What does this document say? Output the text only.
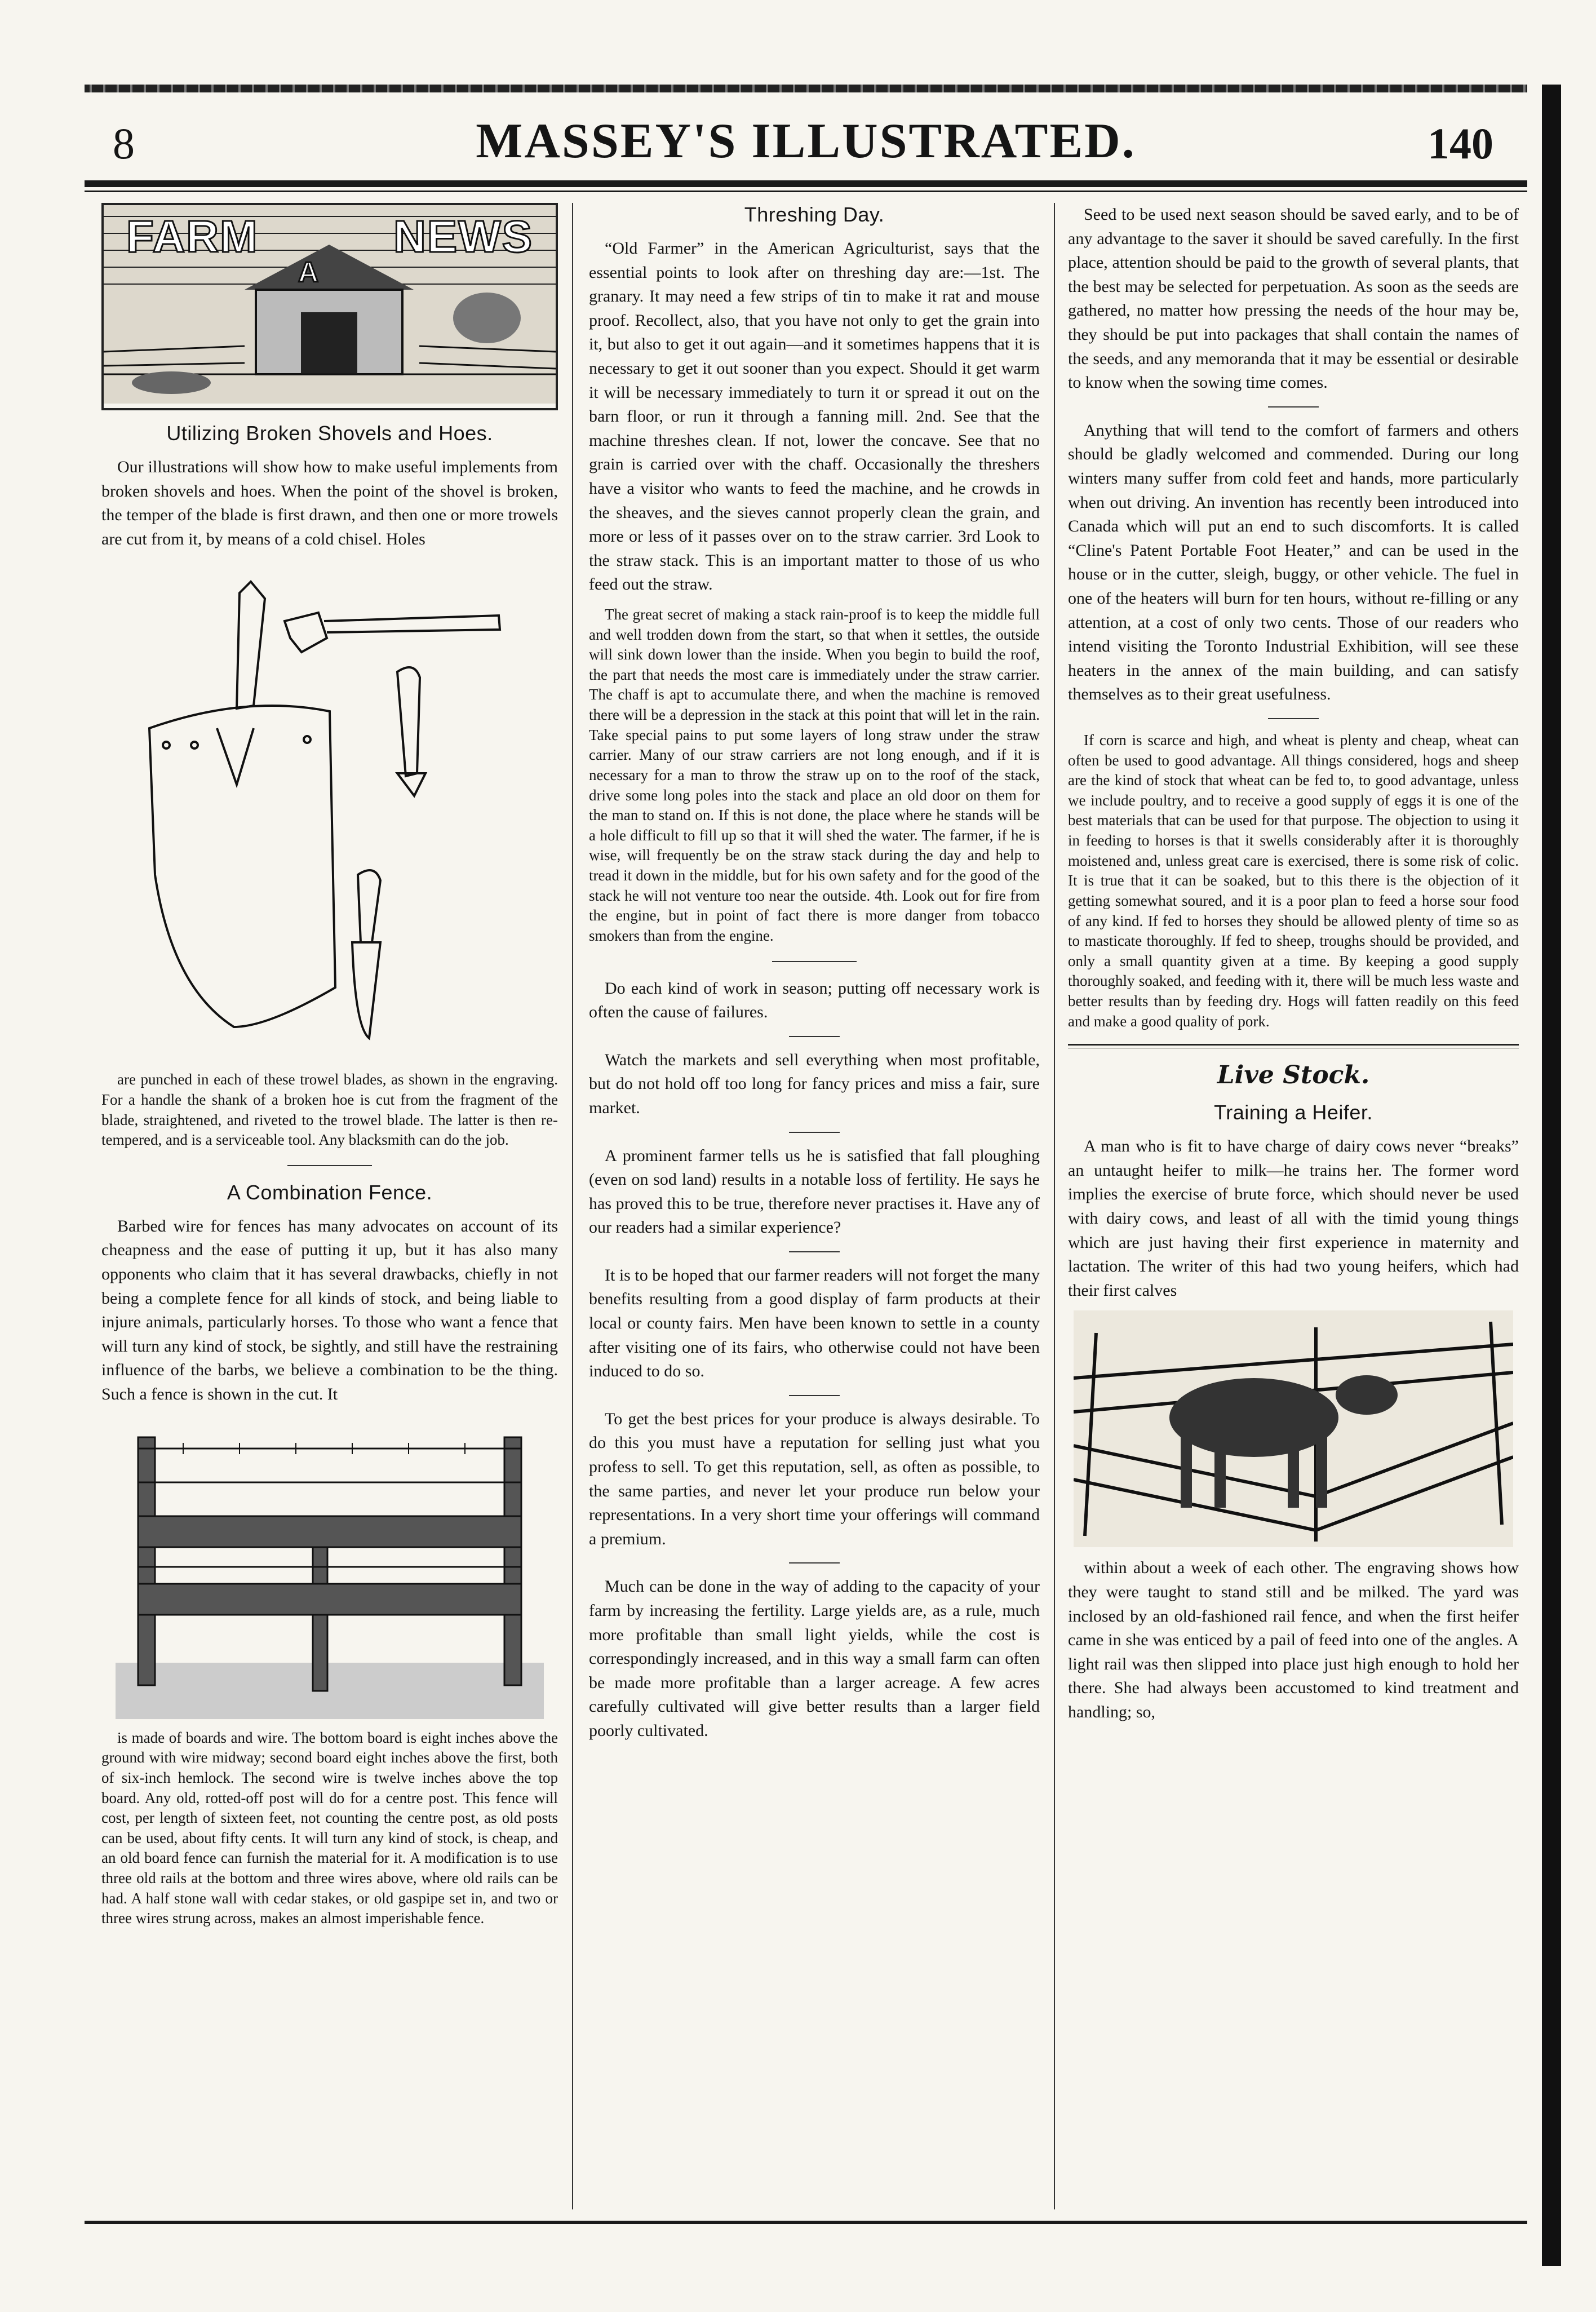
8	MASSEY'S ILLUSTRATED.	140
FARM
A
NEWS
Utilizing Broken Shovels and Hoes.

Our illustrations will show how to make useful implements from broken shovels and hoes. When the point of the shovel is broken, the temper of the blade is first drawn, and then one or more trowels are cut from it, by means of a cold chisel. Holes

are punched in each of these trowel blades, as shown in the engraving. For a handle the shank of a broken hoe is cut from the fragment of the blade, straightened, and riveted to the trowel blade. The latter is then re-tempered, and is a serviceable tool. Any blacksmith can do the job.

A Combination Fence.

Barbed wire for fences has many advocates on account of its cheapness and the ease of putting it up, but it has also many opponents who claim that it has several drawbacks, chiefly in not being a complete fence for all kinds of stock, and being liable to injure animals, particularly horses. To those who want a fence that will turn any kind of stock, be sightly, and still have the restraining influence of the barbs, we believe a combination to be the thing. Such a fence is shown in the cut. It

is made of boards and wire. The bottom board is eight inches above the ground with wire midway; second board eight inches above the first, both of six-inch hemlock. The second wire is twelve inches above the top board. Any old, rotted-off post will do for a centre post. This fence will cost, per length of sixteen feet, not counting the centre post, as old posts can be used, about fifty cents. It will turn any kind of stock, is cheap, and an old board fence can furnish the material for it. A modification is to use three old rails at the bottom and three wires above, where old rails can be had. A half stone wall with cedar stakes, or old gaspipe set in, and two or three wires strung across, makes an almost imperishable fence.

Threshing Day.

“Old Farmer” in the American Agriculturist, says that the essential points to look after on threshing day are:—1st. The granary. It may need a few strips of tin to make it rat and mouse proof. Recollect, also, that you have not only to get the grain into it, but also to get it out again—and it sometimes happens that it is necessary to get it out sooner than you expect. Should it get warm it will be necessary immediately to turn it or spread it out on the barn floor, or run it through a fanning mill. 2nd. See that the machine threshes clean. If not, lower the concave. See that no grain is carried over with the chaff. Occasionally the threshers have a visitor who wants to feed the machine, and he crowds in the sheaves, and the sieves cannot properly clean the grain, and more or less of it passes over on to the straw carrier. 3rd Look to the straw stack. This is an important matter to those of us who feed out the straw.

The great secret of making a stack rain-proof is to keep the middle full and well trodden down from the start, so that when it settles, the outside will sink down lower than the inside. When you begin to build the roof, the part that needs the most care is immediately under the straw carrier. The chaff is apt to accumulate there, and when the machine is removed there will be a depression in the stack at this point that will let in the rain. Take special pains to put some layers of long straw under the straw carrier. Many of our straw carriers are not long enough, and if it is necessary for a man to throw the straw up on to the roof of the stack, drive some long poles into the stack and place an old door on them for the man to stand on. If this is not done, the place where he stands will be a hole difficult to fill up so that it will shed the water. The farmer, if he is wise, will frequently be on the straw stack during the day and help to tread it down in the middle, but for his own safety and for the good of the stack he will not venture too near the outside. 4th. Look out for fire from the engine, but in point of fact there is more danger from tobacco smokers than from the engine.

Do each kind of work in season; putting off necessary work is often the cause of failures.

Watch the markets and sell everything when most profitable, but do not hold off too long for fancy prices and miss a fair, sure market.

A prominent farmer tells us he is satisfied that fall ploughing (even on sod land) results in a notable loss of fertility. He says he has proved this to be true, therefore never practises it. Have any of our readers had a similar experience?

It is to be hoped that our farmer readers will not forget the many benefits resulting from a good display of farm products at their local or county fairs. Men have been known to settle in a county after visiting one of its fairs, who otherwise could not have been induced to do so.

To get the best prices for your produce is always desirable. To do this you must have a reputation for selling just what you profess to sell. To get this reputation, sell, as often as possible, to the same parties, and never let your produce run below your representations. In a very short time your offerings will command a premium.

Much can be done in the way of adding to the capacity of your farm by increasing the fertility. Large yields are, as a rule, much more profitable than small light yields, while the cost is correspondingly increased, and in this way a small farm can often be made more profitable than a larger acreage. A few acres carefully cultivated will give better results than a larger field poorly cultivated.

Seed to be used next season should be saved early, and to be of any advantage to the saver it should be saved carefully. In the first place, attention should be paid to the growth of several plants, that the best may be selected for perpetuation. As soon as the seeds are gathered, no matter how pressing the needs of the hour may be, they should be put into packages that shall contain the names of the seeds, and any memoranda that it may be essential or desirable to know when the sowing time comes.

Anything that will tend to the comfort of farmers and others should be gladly welcomed and commended. During our long winters many suffer from cold feet and hands, more particularly when out driving. An invention has recently been introduced into Canada which will put an end to such discomforts. It is called “Cline's Patent Portable Foot Heater,” and can be used in the house or in the cutter, sleigh, buggy, or other vehicle. The fuel in one of the heaters will burn for ten hours, without re-filling or any attention, at a cost of only two cents. Those of our readers who intend visiting the Toronto Industrial Exhibition, will see these heaters in the annex of the main building, and can satisfy themselves as to their great usefulness.

If corn is scarce and high, and wheat is plenty and cheap, wheat can often be used to good advantage. All things considered, hogs and sheep are the kind of stock that wheat can be fed to, to good advantage, unless we include poultry, and to receive a good supply of eggs it is one of the best materials that can be used for that purpose. The objection to using it in feeding to horses is that it swells considerably after it is thoroughly moistened and, unless great care is exercised, there is some risk of colic. It is true that it can be soaked, but to this there is the objection of it getting somewhat soured, and it is a poor plan to feed a horse sour food of any kind. If fed to horses they should be allowed plenty of time so as to masticate thoroughly. If fed to sheep, troughs should be provided, and only a small quantity given at a time. By keeping a good supply thoroughly soaked, and feeding with it, there will be much less waste and better results than by feeding dry. Hogs will fatten readily on this feed and make a good quality of pork.

Live Stock.
Training a Heifer.

A man who is fit to have charge of dairy cows never “breaks” an untaught heifer to milk—he trains her. The former word implies the exercise of brute force, which should never be used with dairy cows, and least of all with the timid young things which are just having their first experience in maternity and lactation. The writer of this had two young heifers, which had their first calves

within about a week of each other. The engraving shows how they were taught to stand still and be milked. The yard was inclosed by an old-fashioned rail fence, and when the first heifer came in she was enticed by a pail of feed into one of the angles. A light rail was then slipped into place just high enough to hold her there. She had always been accustomed to kind treatment and handling; so,
